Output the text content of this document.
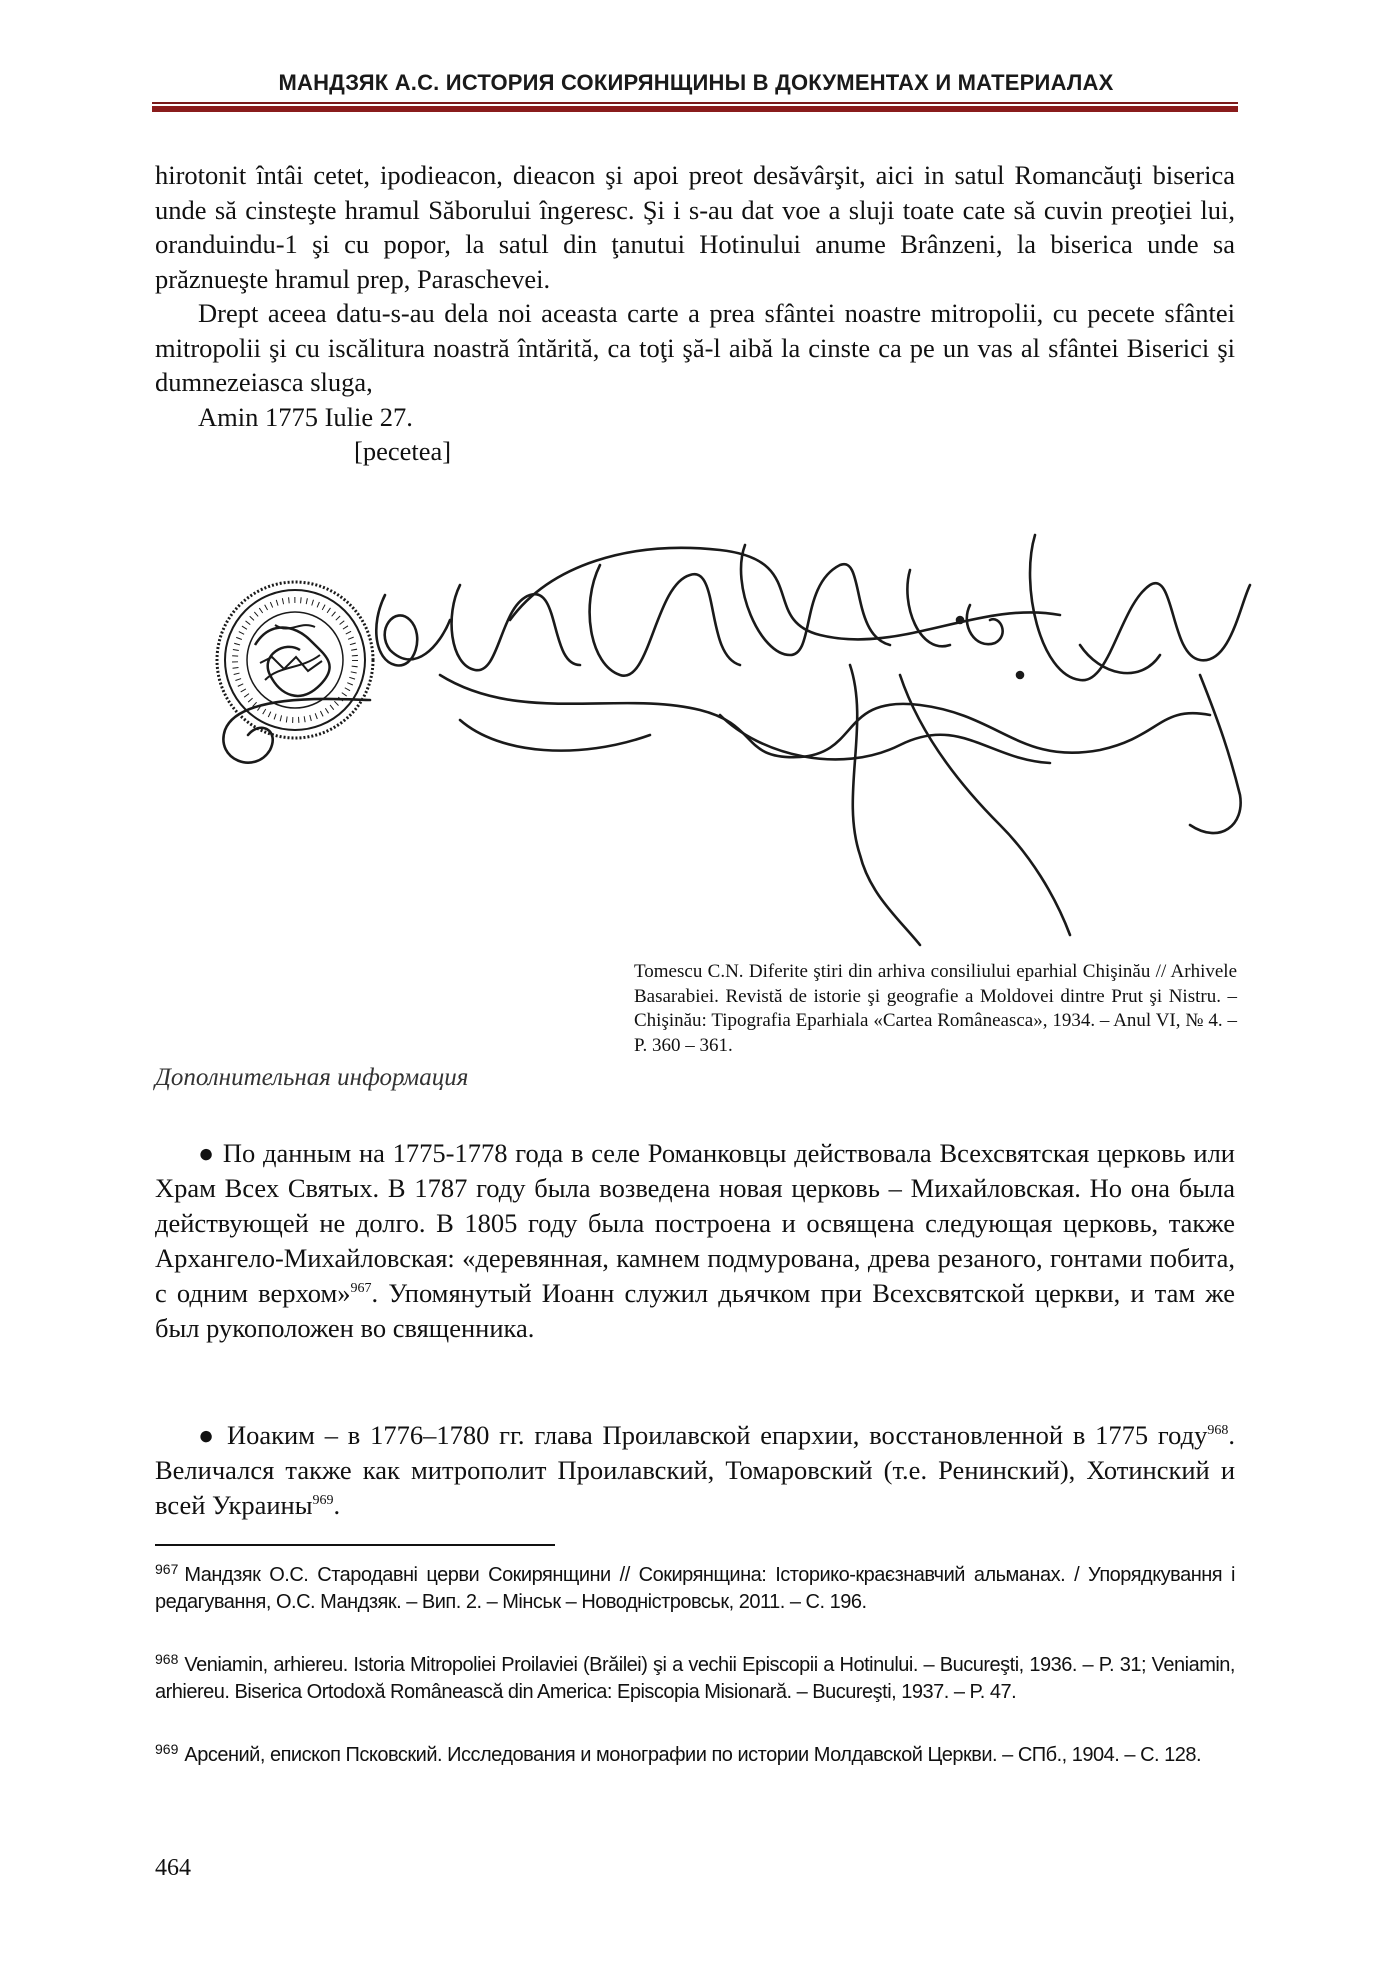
МАНДЗЯК А.С. ИСТОРИЯ СОКИРЯНЩИНЫ В ДОКУМЕНТАХ И МАТЕРИАЛАХ

hirotonit întâi cetet, ipodieacon, dieacon şi apoi preot desăvârşit, aici in satul Romancăuţi biserica unde să cinsteşte hramul Săborului îngeresc. Şi i s-au dat voe a sluji toate cate să cuvin preoţiei lui, oranduindu-1 şi cu popor, la satul din ţanutui Hotinului anume Brânzeni, la biserica unde sa prăznueşte hramul prep, Paraschevei.

Drept aceea datu-s-au dela noi aceasta carte a prea sfântei noastre mitropolii, cu pecete sfântei mitropolii şi cu iscălitura noastră întărită, ca toţi şă-l aibă la cinste ca pe un vas al sfântei Biserici şi dumnezeiasca sluga,

Amin 1775 Iulie 27.

[pecetea]

Tomescu C.N. Diferite ştiri din arhiva consiliului eparhial Chişinău // Arhivele Basarabiei. Revistă de istorie şi geografie a Moldovei dintre Prut şi Nistru. – Chişinău: Tipografia Eparhiala «Cartea Româneasca», 1934. – Anul VI, № 4. – P. 360 – 361.

Дополнительная информация

● По данным на 1775-1778 года в селе Романковцы действовала Всехсвятская церковь или Храм Всех Святых. В 1787 году была возведена новая церковь – Михайловская. Но она была действующей не долго. В 1805 году была построена и освящена следующая церковь, также Архангело-Михайловская: «деревянная, камнем подмурована, древа резаного, гонтами побита, с одним верхом»$^{967}$. Упомянутый Иоанн служил дьячком при Всехсвятской церкви, и там же был рукоположен во священника.

● Иоаким – в 1776–1780 гг. глава Проилавской епархии, восстановленной в 1775 году$^{968}$. Величался также как митрополит Проилавский, Томаровский (т.е. Ренинский), Хотинский и всей Украины$^{969}$.

$^{967}$ Мандзяк О.С. Стародавні церви Сокирянщини // Сокирянщина: Історико-краєзнавчий альманах. / Упорядкування і редагування, О.С. Мандзяк. – Вип. 2. – Мінськ – Новодністровськ, 2011. – С. 196.

$^{968}$ Veniamin, arhiereu. Istoria Mitropoliei Proilaviei (Brăilei) şi a vechii Episcopii a Hotinului. – Bucureşti, 1936. – P. 31; Veniamin, arhiereu. Biserica Ortodoxă Românească din America: Episcopia Misionară. – Bucureşti, 1937. – P. 47.

$^{969}$ Арсений, епископ Псковский. Исследования и монографии по истории Молдавской Церкви. – СПб., 1904. – С. 128.

464
